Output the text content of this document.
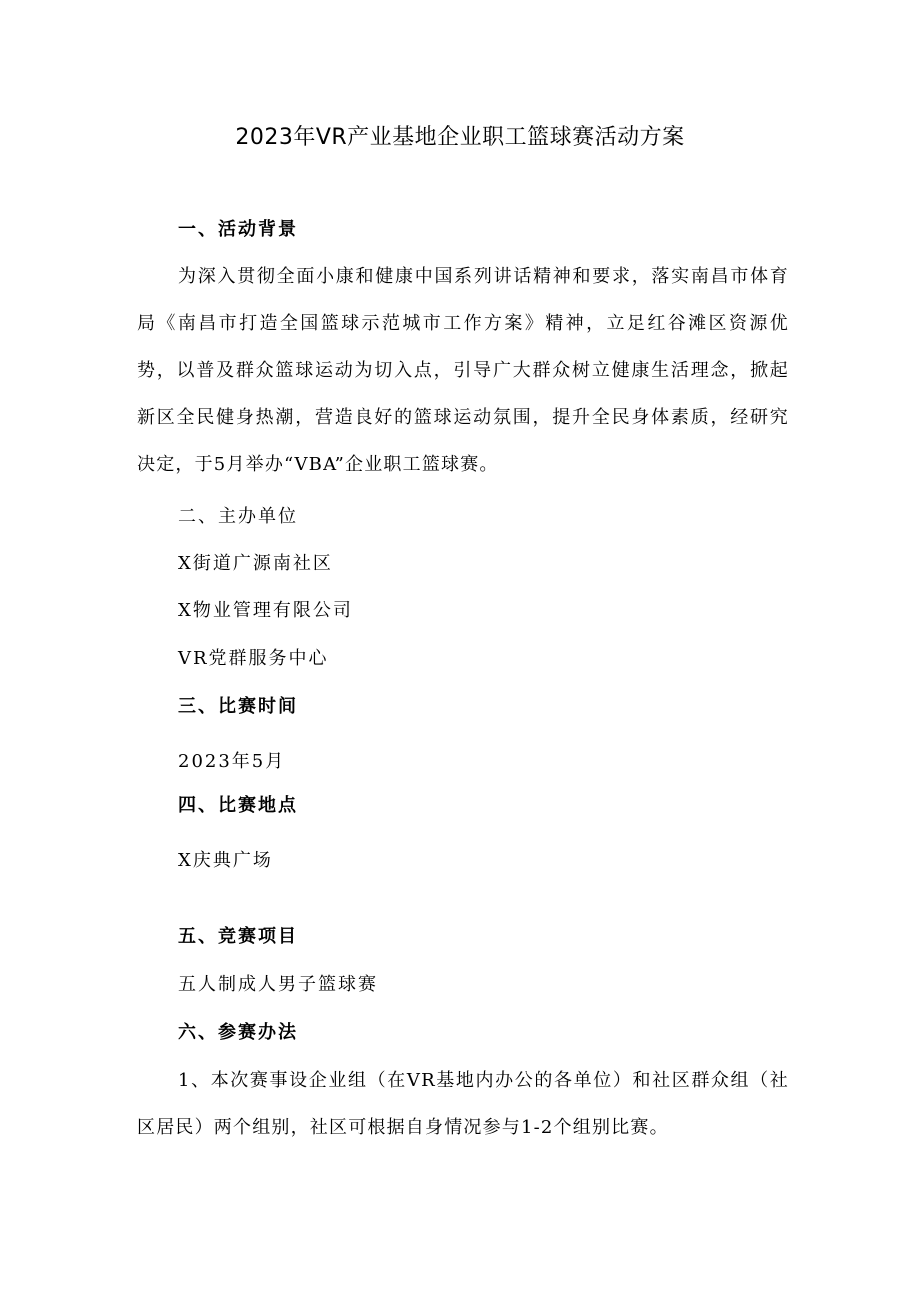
2023年VR产业基地企业职工篮球赛活动方案
一、活动背景
为深入贯彻全面小康和健康中国系列讲话精神和要求，落实南昌市体育局《南昌市打造全国篮球示范城市工作方案》精神，立足红谷滩区资源优势，以普及群众篮球运动为切入点，引导广大群众树立健康生活理念，掀起新区全民健身热潮，营造良好的篮球运动氛围，提升全民身体素质，经研究决定，于5月举办“VBA”企业职工篮球赛。
二、主办单位
X街道广源南社区
X物业管理有限公司
VR党群服务中心
三、比赛时间
2023年5月
四、比赛地点
X庆典广场
五、竞赛项目
五人制成人男子篮球赛
六、参赛办法
1、本次赛事设企业组（在VR基地内办公的各单位）和社区群众组（社区居民）两个组别，社区可根据自身情况参与1-2个组别比赛。
